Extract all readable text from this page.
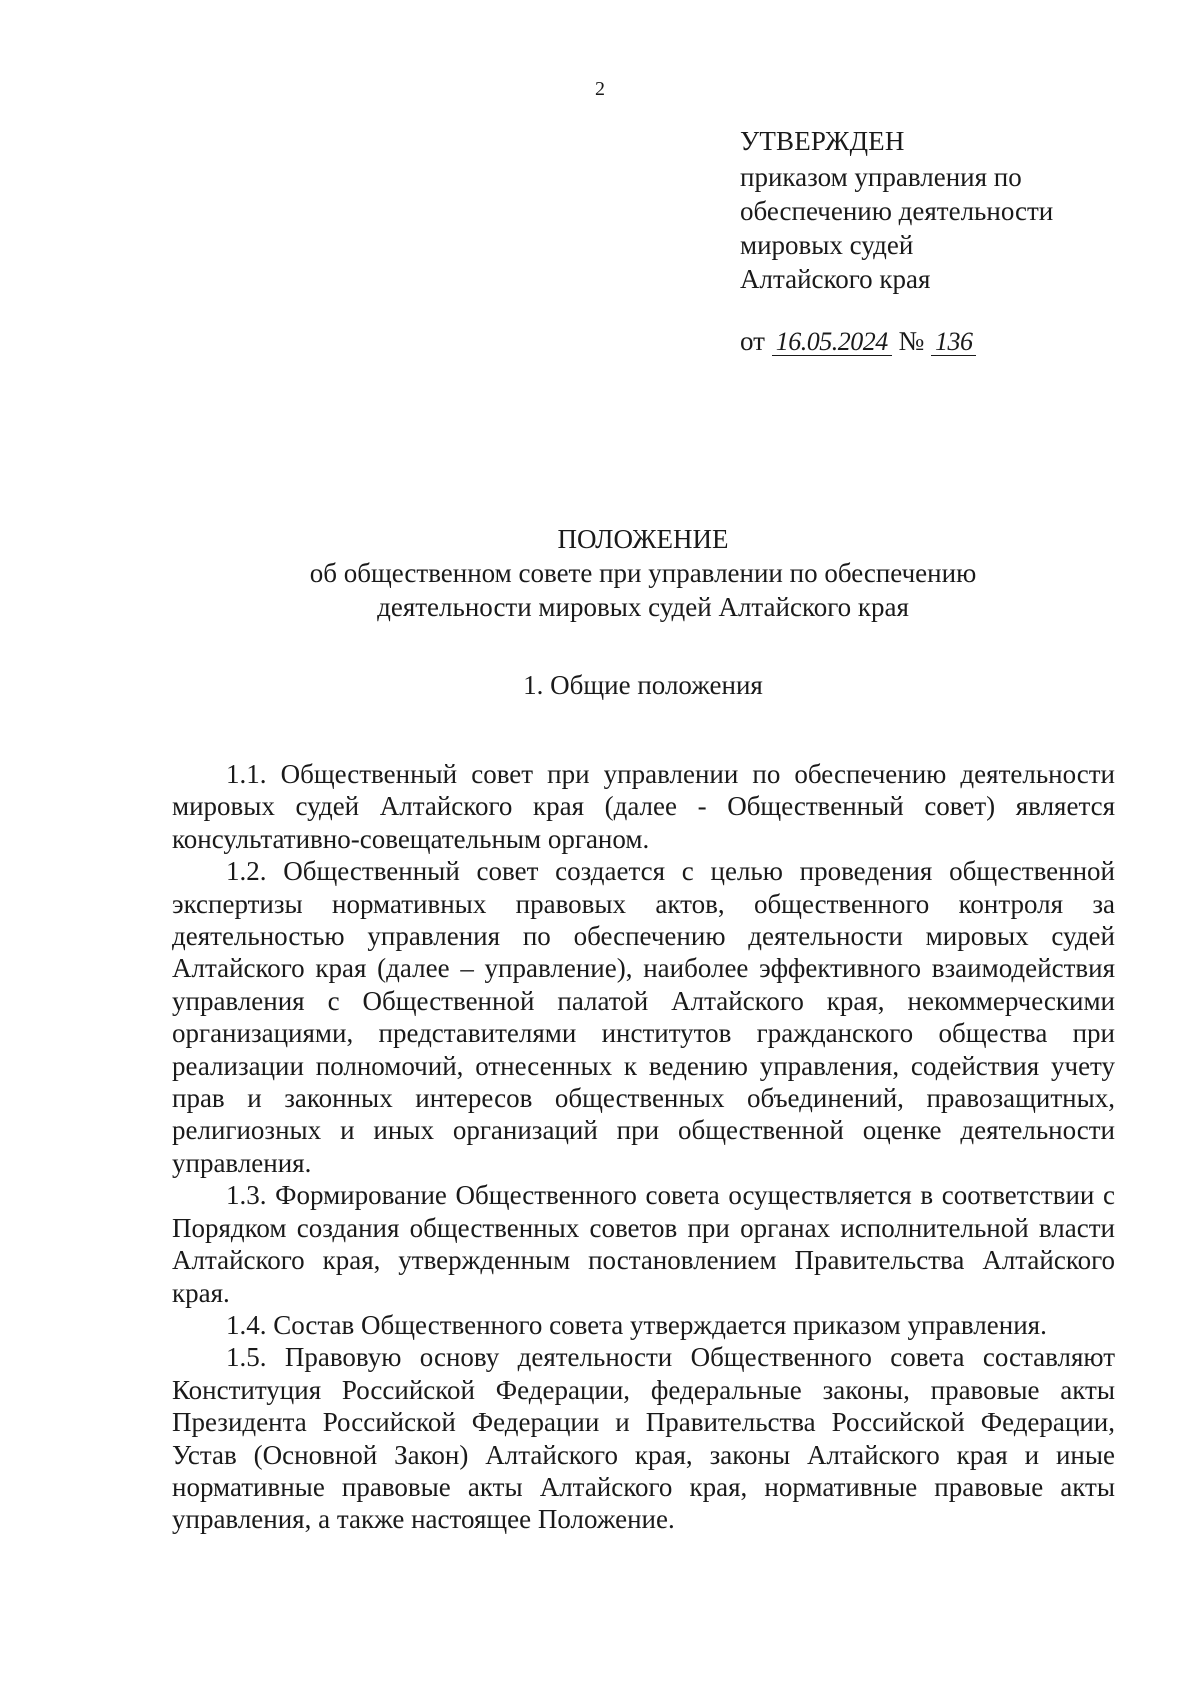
2
УТВЕРЖДЕН
приказом управления по
обеспечению деятельности
мировых судей
Алтайского края
от 16.05.2024 № 136
ПОЛОЖЕНИЕ
об общественном совете при управлении по обеспечению
деятельности мировых судей Алтайского края
1. Общие положения

1.1. Общественный совет при управлении по обеспечению деятельности мировых судей Алтайского края (далее - Общественный совет) является консультативно-совещательным органом.

1.2. Общественный совет создается с целью проведения общественной экспертизы нормативных правовых актов, общественного контроля за деятельностью управления по обеспечению деятельности мировых судей Алтайского края (далее – управление), наиболее эффективного взаимодействия управления с Общественной палатой Алтайского края, некоммерческими организациями, представителями институтов гражданского общества при реализации полномочий, отнесенных к ведению управления, содействия учету прав и законных интересов общественных объединений, правозащитных, религиозных и иных организаций при общественной оценке деятельности управления.

1.3. Формирование Общественного совета осуществляется в соответствии с Порядком создания общественных советов при органах исполнительной власти Алтайского края, утвержденным постановлением Правительства Алтайского края.

1.4. Состав Общественного совета утверждается приказом управления.

1.5. Правовую основу деятельности Общественного совета составляют Конституция Российской Федерации, федеральные законы, правовые акты Президента Российской Федерации и Правительства Российской Федерации, Устав (Основной Закон) Алтайского края, законы Алтайского края и иные нормативные правовые акты Алтайского края, нормативные правовые акты управления, а также настоящее Положение.
